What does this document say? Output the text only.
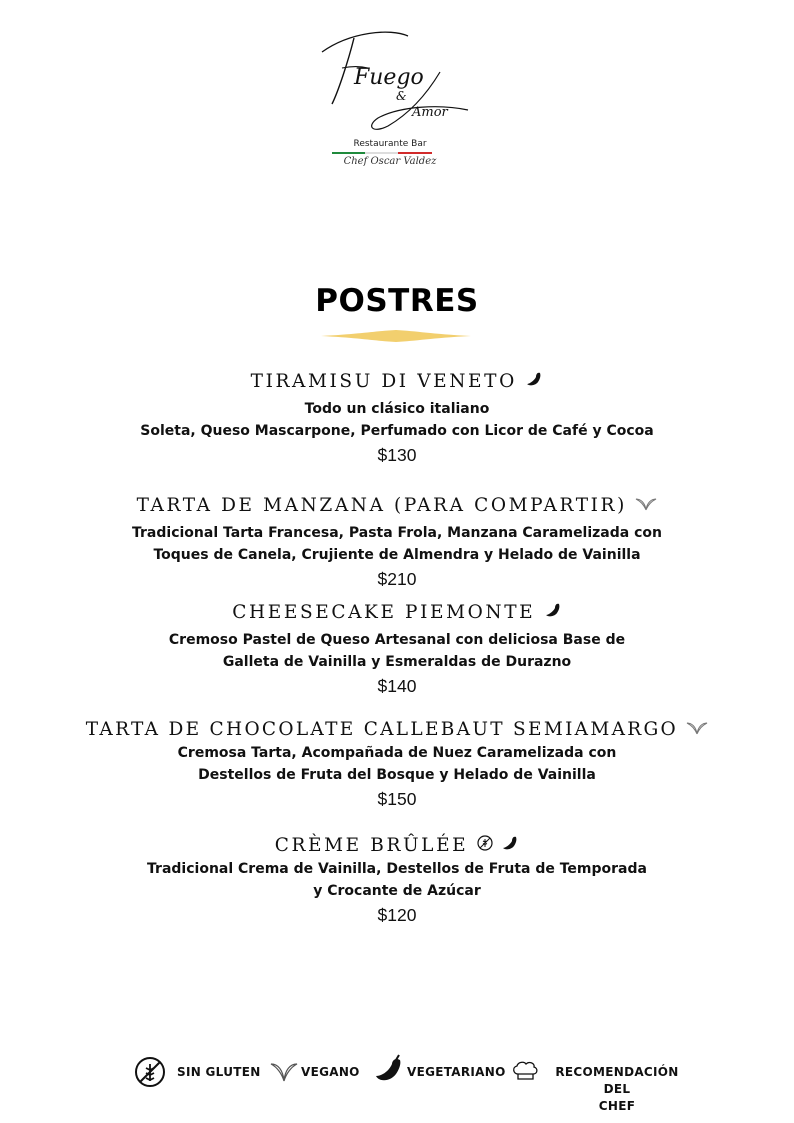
Fuego
&
Amor
Restaurante Bar
Chef Oscar Valdez
POSTRES
TIRAMISU DI VENETO
Todo un clásico italiano
Soleta, Queso Mascarpone, Perfumado con Licor de Café y Cocoa
$130
TARTA DE MANZANA (PARA COMPARTIR)
Tradicional Tarta Francesa, Pasta Frola, Manzana Caramelizada con
Toques de Canela, Crujiente de Almendra y Helado de Vainilla
$210
CHEESECAKE PIEMONTE
Cremoso Pastel de Queso Artesanal con deliciosa Base de
Galleta de Vainilla y Esmeraldas de Durazno
$140
TARTA DE CHOCOLATE CALLEBAUT SEMIAMARGO
Cremosa Tarta, Acompañada de Nuez Caramelizada con
Destellos de Fruta del Bosque y Helado de Vainilla
$150
CRÈME BRÛLÉE
Tradicional Crema de Vainilla, Destellos de Fruta de Temporada
y Crocante de Azúcar
$120
SIN GLUTEN	VEGANO	VEGETARIANO	RECOMENDACIÓN DEL
CHEF
